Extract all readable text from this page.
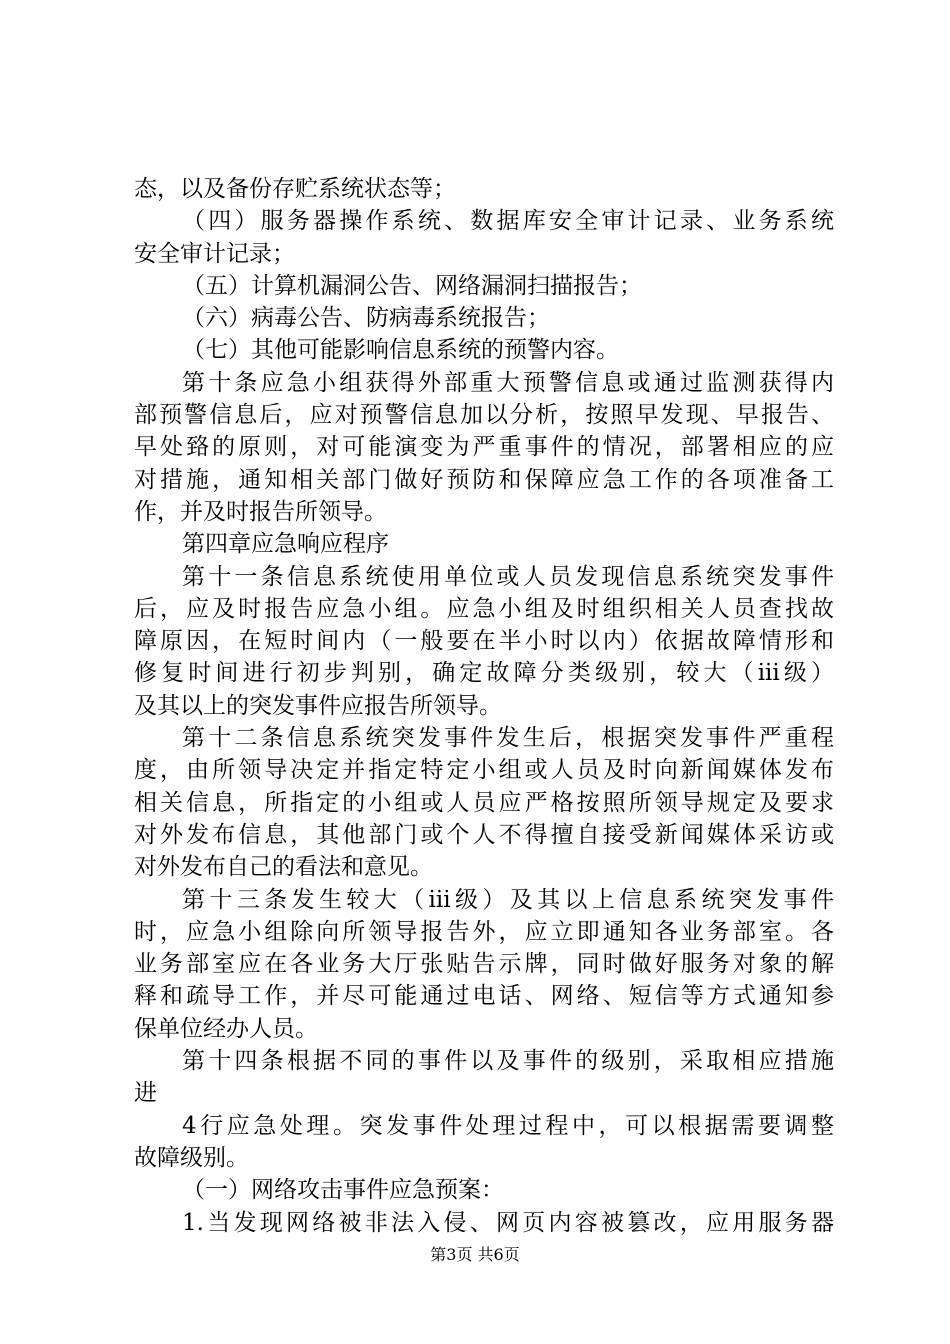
态，以及备份存贮系统状态等；
（四）服务器操作系统、数据库安全审计记录、业务系统
安全审计记录；
（五）计算机漏洞公告、网络漏洞扫描报告；
（六）病毒公告、防病毒系统报告；
（七）其他可能影响信息系统的预警内容。
第十条应急小组获得外部重大预警信息或通过监测获得内
部预警信息后，应对预警信息加以分析，按照早发现、早报告、
早处臵的原则，对可能演变为严重事件的情况，部署相应的应
对措施，通知相关部门做好预防和保障应急工作的各项准备工
作，并及时报告所领导。
第四章应急响应程序
第十一条信息系统使用单位或人员发现信息系统突发事件
后，应及时报告应急小组。应急小组及时组织相关人员查找故
障原因，在短时间内（一般要在半小时以内）依据故障情形和
修复时间进行初步判别，确定故障分类级别，较大（iii级）
及其以上的突发事件应报告所领导。
第十二条信息系统突发事件发生后，根据突发事件严重程
度，由所领导决定并指定特定小组或人员及时向新闻媒体发布
相关信息，所指定的小组或人员应严格按照所领导规定及要求
对外发布信息，其他部门或个人不得擅自接受新闻媒体采访或
对外发布自己的看法和意见。
第十三条发生较大（iii级）及其以上信息系统突发事件
时，应急小组除向所领导报告外，应立即通知各业务部室。各
业务部室应在各业务大厅张贴告示牌，同时做好服务对象的解
释和疏导工作，并尽可能通过电话、网络、短信等方式通知参
保单位经办人员。
第十四条根据不同的事件以及事件的级别，采取相应措施
进
4行应急处理。突发事件处理过程中，可以根据需要调整
故障级别。
（一）网络攻击事件应急预案：
1.当发现网络被非法入侵、网页内容被篡改，应用服务器
第3页 共6页
